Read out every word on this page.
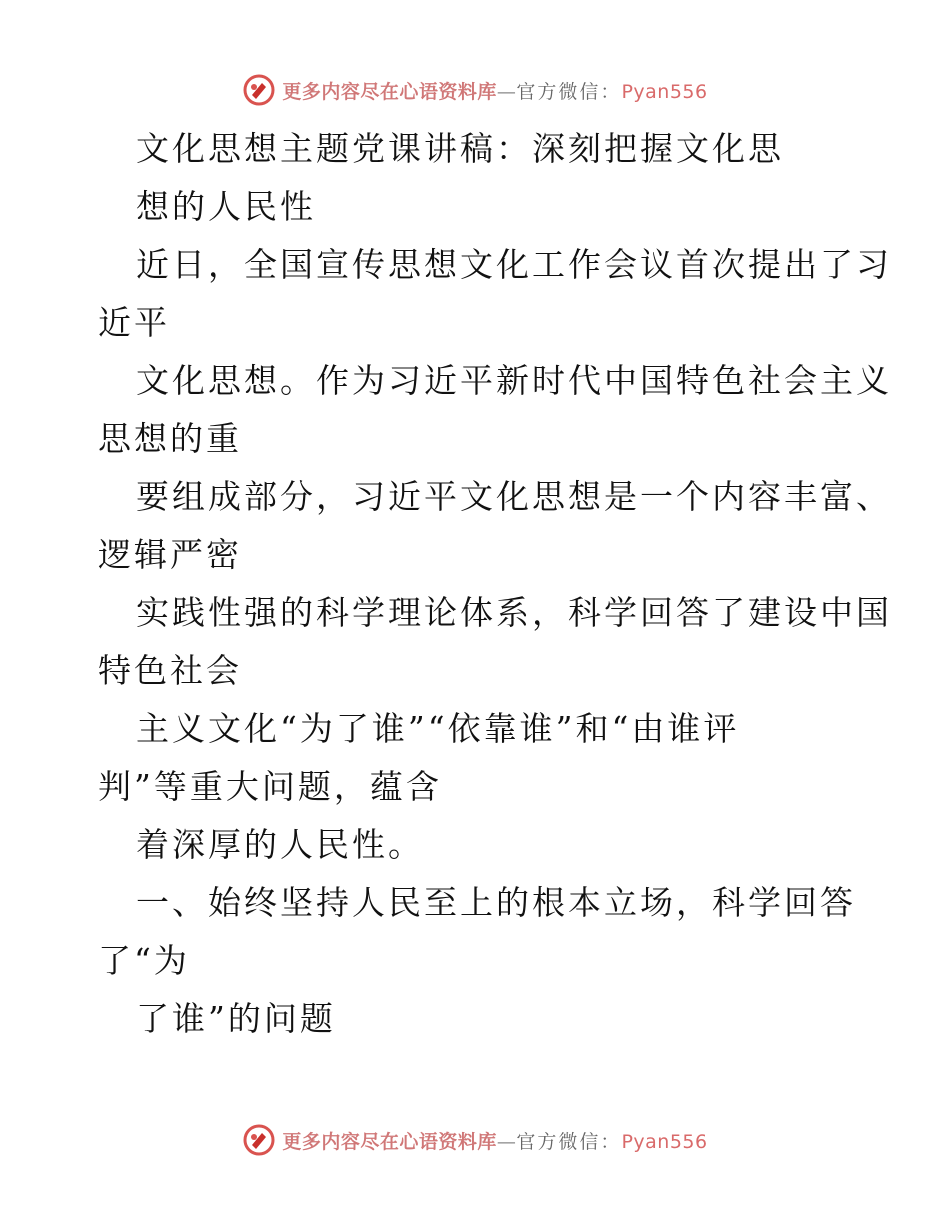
更多内容尽在心语资料库—官方微信：Pyan556
文化思想主题党课讲稿：深刻把握文化思
想的人民性
近日，全国宣传思想文化工作会议首次提出了习
近平
文化思想。作为习近平新时代中国特色社会主义
思想的重
要组成部分，习近平文化思想是一个内容丰富、
逻辑严密
实践性强的科学理论体系，科学回答了建设中国
特色社会
主义文化“为了谁”“依靠谁”和“由谁评
判”等重大问题，蕴含
着深厚的人民性。
一、始终坚持人民至上的根本立场，科学回答
了“为
了谁”的问题
更多内容尽在心语资料库—官方微信：Pyan556
